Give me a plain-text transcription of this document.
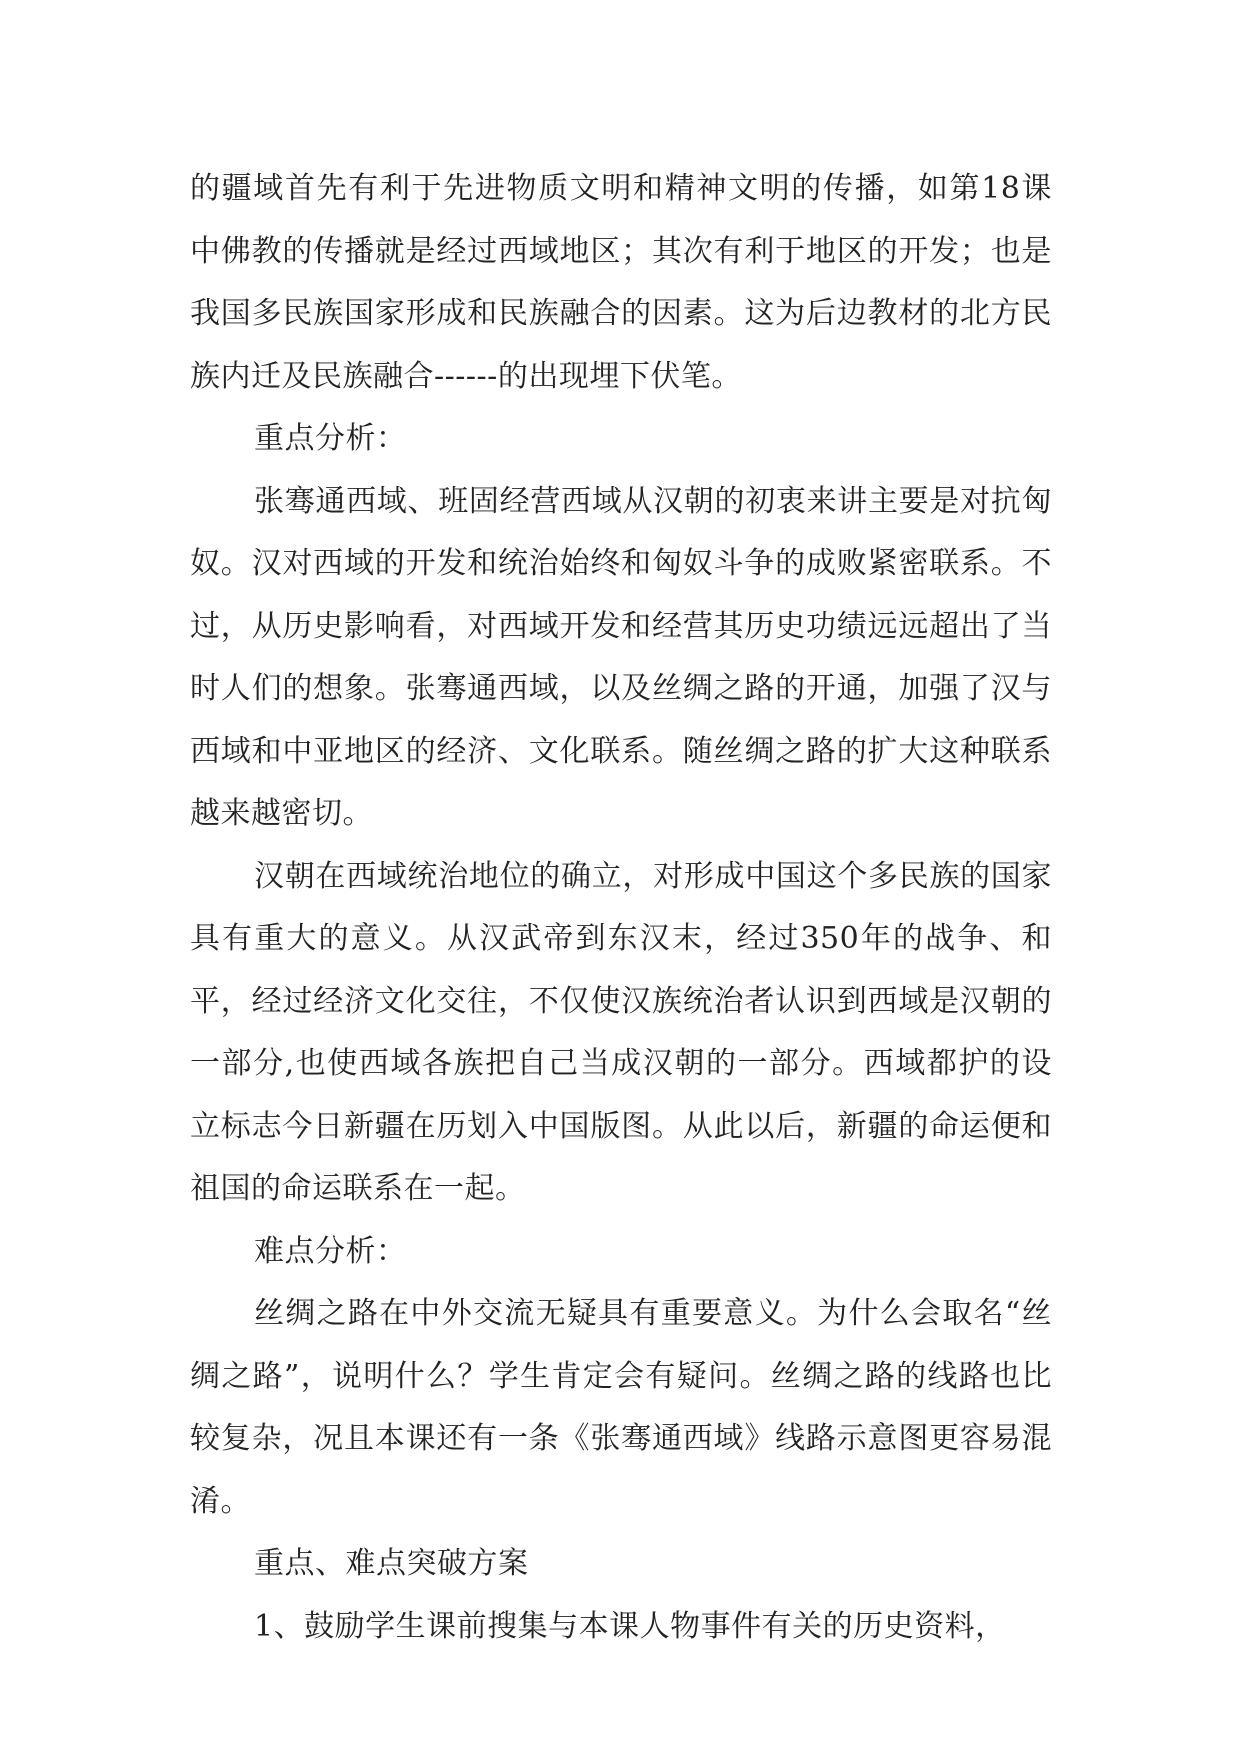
的疆域首先有利于先进物质文明和精神文明的传播，如第18课中佛教的传播就是经过西域地区；其次有利于地区的开发；也是我国多民族国家形成和民族融合的因素。这为后边教材的北方民族内迁及民族融合------的出现埋下伏笔。

重点分析：

张骞通西域、班固经营西域从汉朝的初衷来讲主要是对抗匈奴。汉对西域的开发和统治始终和匈奴斗争的成败紧密联系。不过，从历史影响看，对西域开发和经营其历史功绩远远超出了当时人们的想象。张骞通西域，以及丝绸之路的开通，加强了汉与西域和中亚地区的经济、文化联系。随丝绸之路的扩大这种联系越来越密切。

汉朝在西域统治地位的确立，对形成中国这个多民族的国家具有重大的意义。从汉武帝到东汉末，经过350年的战争、和平，经过经济文化交往，不仅使汉族统治者认识到西域是汉朝的一部分,也使西域各族把自己当成汉朝的一部分。西域都护的设立标志今日新疆在历划入中国版图。从此以后，新疆的命运便和祖国的命运联系在一起。

难点分析：

丝绸之路在中外交流无疑具有重要意义。为什么会取名“丝绸之路”，说明什么？学生肯定会有疑问。丝绸之路的线路也比较复杂，况且本课还有一条《张骞通西域》线路示意图更容易混淆。

重点、难点突破方案

1、鼓励学生课前搜集与本课人物事件有关的历史资料，
